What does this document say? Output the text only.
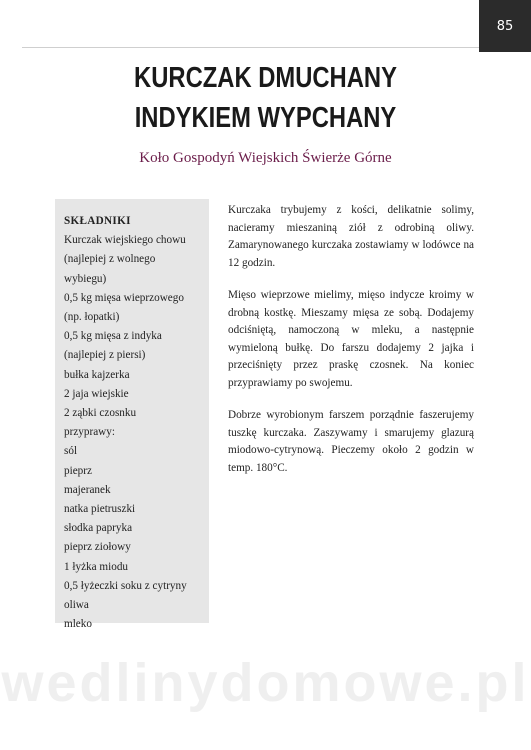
85
KURCZAK DMUCHANY
INDYKIEM WYPCHANY
Koło Gospodyń Wiejskich Świerże Górne
SKŁADNIKI
Kurczak wiejskiego chowu
(najlepiej z wolnego
wybiegu)
0,5 kg mięsa wieprzowego
(np. łopatki)
0,5 kg mięsa z indyka
(najlepiej z piersi)
bułka kajzerka
2 jaja wiejskie
2 ząbki czosnku
przyprawy:
sól
pieprz
majeranek
natka pietruszki
słodka papryka
pieprz ziołowy
1 łyżka miodu
0,5 łyżeczki soku z cytryny
oliwa
mleko

Kurczaka trybujemy z kości, delikatnie solimy, nacieramy mieszaniną ziół z odrobiną oliwy. Zamarynowanego kurczaka zostawiamy w lodówce na 12 godzin.

Mięso wieprzowe mielimy, mięso indycze kroimy w drobną kostkę. Mieszamy mięsa ze sobą. Dodajemy odciśniętą, namoczoną w mleku, a następnie wymieloną bułkę. Do farszu dodajemy 2 jajka i przeciśnięty przez praskę czosnek. Na koniec przyprawiamy po swojemu.

Dobrze wyrobionym farszem porządnie faszerujemy tuszkę kurczaka. Zaszywamy i smarujemy glazurą miodowo-cytrynową. Pieczemy około 2 godzin w temp. 180°C.

wedlinydomowe.pl
